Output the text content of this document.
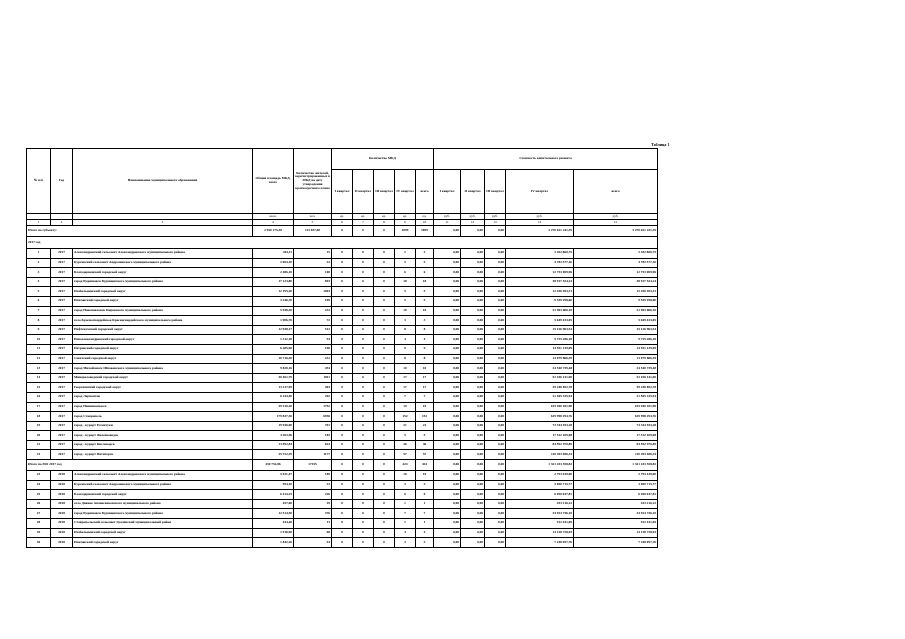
Таблица 1
№ п/п	Год	Наименование муниципального образования	Общая площадь МКД, всего	Количество жителей, зарегистрированных в МКД на дату утверждения краткосрочного плана	Количество МКД					Стоимость капитального ремонта				
					I квартал	II квартал	III квартал	IV квартал	всего	I квартал	II квартал	III квартал	IV квартал	всего
			кв.м.	чел.	ед.	ед.	ед.	ед.	ед.	руб.	руб.	руб.	руб.	руб.
1	2	3	4	5	6	7	8	9	10	11	12	13	14	15
Итого по субъекту:			2 950 175,38	113 037,00	0	0	0	1899	1899	0,00	0,00	0,00	3 270 621 241,39	3 270 621 241,39
2017 год														
1	2017	Александровский сельсовет Александровского муниципального района	444,11	15	0	0	0	2	2	0,00	0,00	0,00	2 452 860,75	2 452 860,75
2	2017	Курсавский сельсовет Андроповского муниципального района	2 064,10	33	0	0	0	5	5	0,00	0,00	0,00	4 782 577,16	4 782 577,16
3	2017	Благодарненский городской округ	2 486,10	100	0	0	0	6	6	0,00	0,00	0,00	12 753 699,96	12 753 699,96
4	2017	город Буденновск Буденновского муниципального района	17 123,80	693	0	0	0	18	18	0,00	0,00	0,00	38 917 524,24	38 917 524,24
5	2017	Изобильненский городской округ	12 195,20	1004	0	0	0	5	5	0,00	0,00	0,00	12 436 953,31	12 436 953,31
6	2017	Ипатовский городской округ	3 246,70	109	0	0	0	5	5	0,00	0,00	0,00	9 539 298,60	9 539 298,60
7	2017	город Новопавловск Кировского муниципального района	5 938,30	233	0	0	0	10	10	0,00	0,00	0,00	21 903 606,10	21 903 606,10
8	2017	село Красногвардейское Красногвардейского муниципального района	1 906,70	72	0	0	0	3	3	0,00	0,00	0,00	5 649 433,05	5 649 433,05
9	2017	Нефтекумский городской округ	12 948,17	512	0	0	0	8	8	0,00	0,00	0,00	15 126 963,54	15 126 963,54
10	2017	Новоалександровский городской округ	1 312,10	54	0	0	0	4	4	0,00	0,00	0,00	9 725 286,18	9 725 286,18
11	2017	Петровский городской округ	6 285,90	196	0	0	0	9	9	0,00	0,00	0,00	14 551 139,09	14 551 139,09
12	2017	Советский городской округ	10 716,30	231	0	0	0	8	8	0,00	0,00	0,00	13 079 866,39	13 079 866,39
13	2017	город Михайловск Шпаковского муниципального района	9 828,16	454	0	0	0	10	10	0,00	0,00	0,00	24 540 739,48	24 540 739,48
14	2017	Минераловодский городской округ	30 461,79	1811	0	0	0	17	17	0,00	0,00	0,00	52 106 141,00	52 106 141,00
15	2017	Георгиевский городской округ	13 217,99	404	0	0	0	17	17	0,00	0,00	0,00	39 248 852,78	39 248 852,78
16	2017	город Лермонтов	6 244,40	292	0	0	0	7	7	0,00	0,00	0,00	21 565 415,94	21 565 415,94
17	2017	город Невинномысск	39 510,20	1752	0	0	0	19	19	0,00	0,00	0,00	105 940 181,98	105 940 181,98
18	2017	город Ставрополь	179 837,30	6936	0	0	0	152	152	0,00	0,00	0,00	619 998 294,76	619 998 294,76
19	2017	город - курорт Ессентуки	19 946,00	701	0	0	0	21	21	0,00	0,00	0,00	73 344 933,28	73 344 933,28
20	2017	город - курорт Железноводск	4 263,56	182	0	0	0	5	5	0,00	0,00	0,00	17 512 109,08	17 512 109,08
21	2017	город - курорт Кисловодск	13 992,84	624	0	0	0	36	36	0,00	0,00	0,00	84 592 970,89	84 592 970,89
22	2017	город - курорт Пятигорск	25 722,29	1177	0	0	0	57	57	0,00	0,00	0,00	110 493 486,34	110 493 486,34
Итого по МО 2017 год			430 752,86	17155	0	0	0	424	424	0,00	0,00	0,00	1 321 433 558,82	1 321 433 558,82
23	2018	Александровский сельсовет Александровского муниципального района	5 031,47	189	0	0	0	10	10	0,00	0,00	0,00	2 793 449,00	2 793 449,00
24	2018	Курсавский сельсовет Андроповского муниципального района	594,10	23	0	0	0	3	3	0,00	0,00	0,00	3 850 715,77	3 850 715,77
25	2018	Благодарненский городской округ	6 414,25	226	0	0	0	6	6	0,00	0,00	0,00	6 050 047,81	6 050 047,81
26	2018	село Дивное Апанасенковского муниципального района	457,00	29	0	0	0	1	1	0,00	0,00	0,00	433 216,22	433 216,22
27	2018	город Буденновск Буденновского муниципального района	12 514,50	376	0	0	0	7	7	0,00	0,00	0,00	34 924 746,10	34 924 746,10
28	2018	Ставропольский сельсовет Грачевский муниципальный район	444,40	13	0	0	0	1	1	0,00	0,00	0,00	912 441,69	912 441,69
29	2018	Изобильненский городской округ	1 916,90	68	0	0	0	4	4	0,00	0,00	0,00	14 138 728,03	14 138 728,03
30	2018	Ипатовский городской округ	1 842,26	54	0	0	0	3	3	0,00	0,00	0,00	7 248 097,76	7 248 097,76
